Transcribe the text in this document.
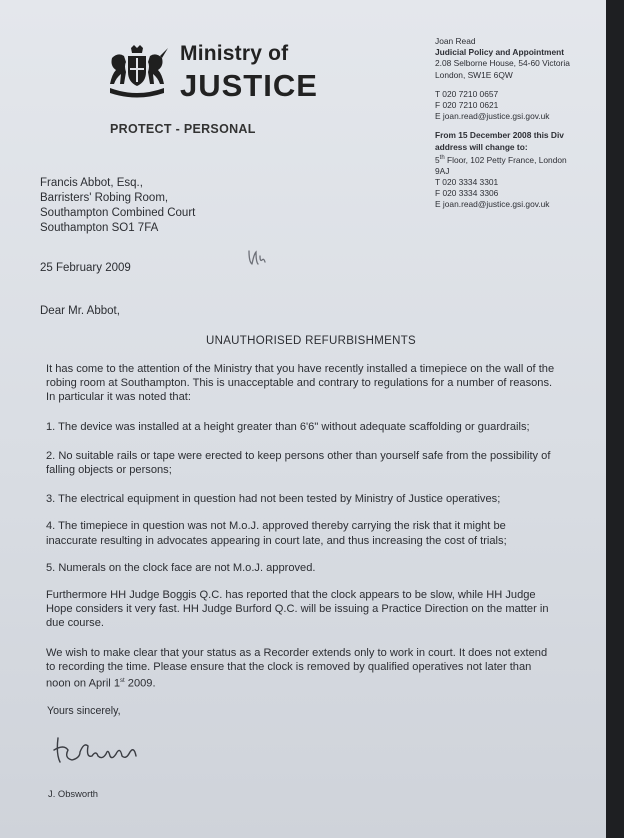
Ministry of
JUSTICE
PROTECT - PERSONAL
Joan Read
Judicial Policy and Appointment
2.08 Selborne House, 54-60 Victoria
London, SW1E 6QW
T 020 7210 0657
F 020 7210 0621
E joan.read@justice.gsi.gov.uk
From 15 December 2008 this Div
address will change to:
5th Floor, 102 Petty France, London
9AJ
T 020 3334 3301
F 020 3334 3306
E joan.read@justice.gsi.gov.uk
Francis Abbot, Esq.,
Barristers' Robing Room,
Southampton Combined Court
Southampton SO1 7FA
25 February 2009
Dear Mr. Abbot,
UNAUTHORISED REFURBISHMENTS

It has come to the attention of the Ministry that you have recently installed a timepiece on the wall of the robing room at Southampton. This is unacceptable and contrary to regulations for a number of reasons. In particular it was noted that:

1. The device was installed at a height greater than 6'6" without adequate scaffolding or guardrails;

2. No suitable rails or tape were erected to keep persons other than yourself safe from the possibility of falling objects or persons;

3. The electrical equipment in question had not been tested by Ministry of Justice operatives;

4. The timepiece in question was not M.o.J. approved thereby carrying the risk that it might be inaccurate resulting in advocates appearing in court late, and thus increasing the cost of trials;

5. Numerals on the clock face are not M.o.J. approved.

Furthermore HH Judge Boggis Q.C. has reported that the clock appears to be slow, while HH Judge Hope considers it very fast. HH Judge Burford Q.C. will be issuing a Practice Direction on the matter in due course.

We wish to make clear that your status as a Recorder extends only to work in court. It does not extend to recording the time. Please ensure that the clock is removed by qualified operatives not later than noon on April 1st 2009.

Yours sincerely,
J. Obsworth
